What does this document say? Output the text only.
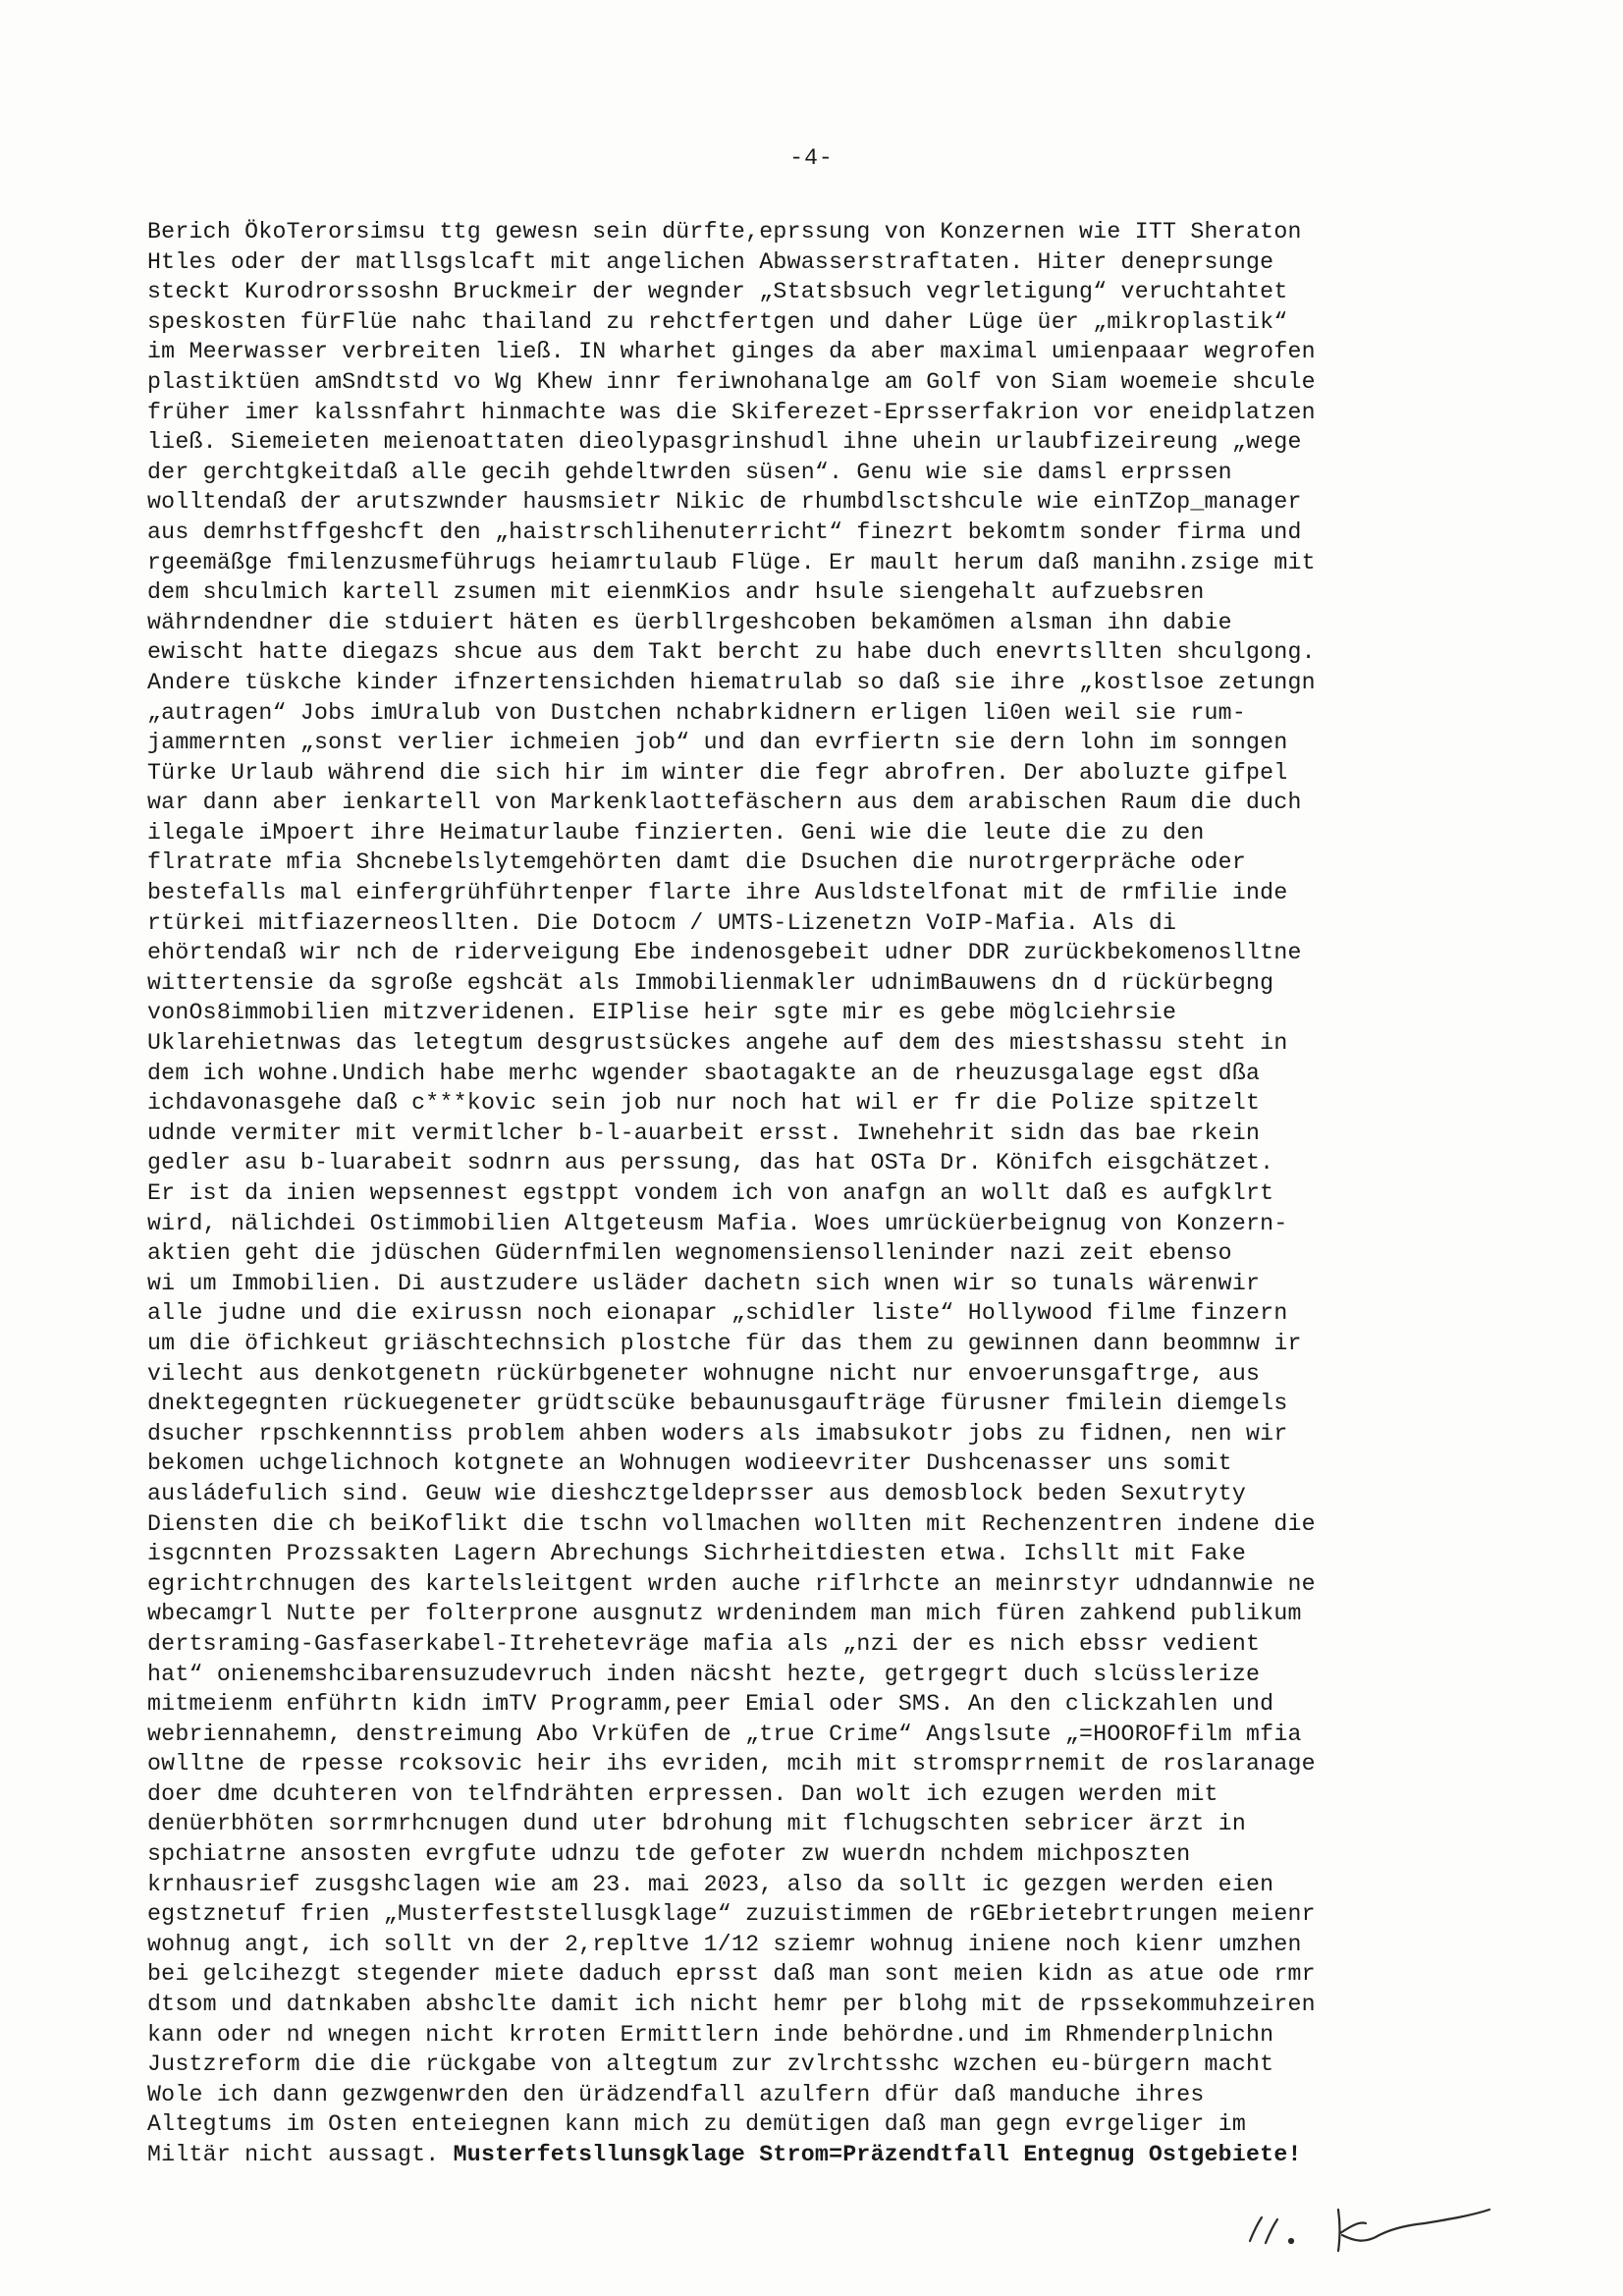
-4-
Berich ÖkoTerorsimsu ttg gewesn sein dürfte,eprssung von Konzernen wie ITT Sheraton
Htles oder der matllsgslcaft mit angelichen Abwasserstraftaten. Hiter deneprsunge
steckt Kurodrorssoshn Bruckmeir der wegnder „Statsbsuch vegrletigung“ veruchtahtet
speskosten fürFlüe nahc thailand zu rehctfertgen und daher Lüge üer „mikroplastik“
im Meerwasser verbreiten ließ. IN wharhet ginges da aber maximal umienpaaar wegrofen
plastiktüen amSndtstd vo Wg Khew innr feriwnohanalge am Golf von Siam woemeie shcule
früher imer kalssnfahrt hinmachte was die Skiferezet-Eprsserfakrion vor eneidplatzen
ließ. Siemeieten meienoattaten dieolypasgrinshudl ihne uhein urlaubfizeireung „wege
der gerchtgkeitdaß alle gecih gehdeltwrden süsen“. Genu wie sie damsl erprssen
wolltendaß der arutszwnder hausmsietr Nikic de rhumbdlsctshcule wie einTZop_manager
aus demrhstffgeshcft den „haistrschlihenuterricht“ finezrt bekomtm sonder firma und
rgeemäßge fmilenzusmeführugs heiamrtulaub Flüge. Er mault herum daß manihn.zsige mit
dem shculmich kartell zsumen mit eienmKios andr hsule siengehalt aufzuebsren
währndendner die stduiert häten es üerbllrgeshcoben bekamömen alsman ihn dabie
ewischt hatte diegazs shcue aus dem Takt bercht zu habe duch enevrtsllten shculgong.
Andere tüskche kinder ifnzertensichden hiematrulab so daß sie ihre „kostlsoe zetungn
„autragen“ Jobs imUralub von Dustchen nchabrkidnern erligen li0en weil sie rum-
jammernten „sonst verlier ichmeien job“ und dan evrfiertn sie dern lohn im sonngen
Türke Urlaub während die sich hir im winter die fegr abrofren. Der aboluzte gifpel
war dann aber ienkartell von Markenklaottefäschern aus dem arabischen Raum die duch
ilegale iMpoert ihre Heimaturlaube finzierten. Geni wie die leute die zu den
flratrate mfia Shcnebelslytemgehörten damt die Dsuchen die nurotrgerpräche oder
bestefalls mal einfergrühführtenper flarte ihre Ausldstelfonat mit de rmfilie inde
rtürkei mitfiazerneosllten. Die Dotocm / UMTS-Lizenetzn VoIP-Mafia. Als di
ehörtendaß wir nch de riderveigung Ebe indenosgebeit udner DDR zurückbekomenoslltne
wittertensie da sgroße egshcät als Immobilienmakler udnimBauwens dn d rückürbegng
vonOs8immobilien mitzveridenen. EIPlise heir sgte mir es gebe möglciehrsie
Uklarehietnwas das letegtum desgrustsückes angehe auf dem des miestshassu steht in
dem ich wohne.Undich habe merhc wgender sbaotagakte an de rheuzusgalage egst dßa
ichdavonasgehe daß c***kovic sein job nur noch hat wil er fr die Polize spitzelt
udnde vermiter mit vermitlcher b-l-auarbeit ersst. Iwnehehrit sidn das bae rkein
gedler asu b-luarabeit sodnrn aus perssung, das hat OSTa Dr. Könifch eisgchätzet.
Er ist da inien wepsennest egstppt vondem ich von anafgn an wollt daß es aufgklrt
wird, nälichdei Ostimmobilien Altgeteusm Mafia. Woes umrücküerbeignug von Konzern-
aktien geht die jdüschen Güdernfmilen wegnomensiensolleninder nazi zeit ebenso
wi um Immobilien. Di austzudere usläder dachetn sich wnen wir so tunals wärenwir
alle judne und die exirussn noch eionapar „schidler liste“ Hollywood filme finzern
um die öfichkeut griäschtechnsich plostche für das them zu gewinnen dann beommnw ir
vilecht aus denkotgenetn rückürbgeneter wohnugne nicht nur envoerunsgaftrge, aus
dnektegegnten rückuegeneter grüdtscüke bebaunusgaufträge fürusner fmilein diemgels
dsucher rpschkennntiss problem ahben woders als imabsukotr jobs zu fidnen, nen wir
bekomen uchgelichnoch kotgnete an Wohnugen wodieevriter Dushcenasser uns somit
ausládefulich sind. Geuw wie dieshcztgeldeprsser aus demosblock beden Sexutryty
Diensten die ch beiKoflikt die tschn vollmachen wollten mit Rechenzentren indene die
isgcnnten Prozssakten Lagern Abrechungs Sichrheitdiesten etwa. Ichsllt mit Fake
egrichtrchnugen des kartelsleitgent wrden auche riflrhcte an meinrstyr udndannwie ne
wbecamgrl Nutte per folterprone ausgnutz wrdenindem man mich füren zahkend publikum
dertsraming-Gasfaserkabel-Itrehetevräge mafia als „nzi der es nich ebssr vedient
hat“ onienemshcibarensuzudevruch inden näcsht hezte, getrgegrt duch slcüsslerize
mitmeienm enführtn kidn imTV Programm,peer Emial oder SMS. An den clickzahlen und
webriennahemn, denstreimung Abo Vrküfen de „true Crime“ Angslsute „=HOOROFfilm mfia
owlltne de rpesse rcoksovic heir ihs evriden, mcih mit stromsprrnemit de roslaranage
doer dme dcuhteren von telfndrähten erpressen. Dan wolt ich ezugen werden mit
denüerbhöten sorrmrhcnugen dund uter bdrohung mit flchugschten sebricer ärzt in
spchiatrne ansosten evrgfute udnzu tde gefoter zw wuerdn nchdem michposzten
krnhausrief zusgshclagen wie am 23. mai 2023, also da sollt ic gezgen werden eien
egstznetuf frien „Musterfeststellusgklage“ zuzuistimmen de rGEbrietebrtrungen meienr
wohnug angt, ich sollt vn der 2,repltve 1/12 sziemr wohnug iniene noch kienr umzhen
bei gelcihezgt stegender miete daduch eprsst daß man sont meien kidn as atue ode rmr
dtsom und datnkaben abshclte damit ich nicht hemr per blohg mit de rpssekommuhzeiren
kann oder nd wnegen nicht krroten Ermittlern inde behördne.und im Rhmenderplnichn
Justzreform die die rückgabe von altegtum zur zvlrchtsshc wzchen eu-bürgern macht
Wole ich dann gezwgenwrden den ürädzendfall azulfern dfür daß manduche ihres
Altegtums im Osten enteiegnen kann mich zu demütigen daß man gegn evrgeliger im
Miltär nicht aussagt. Musterfetsllunsgklage Strom=Präzendtfall Entegnug Ostgebiete!
